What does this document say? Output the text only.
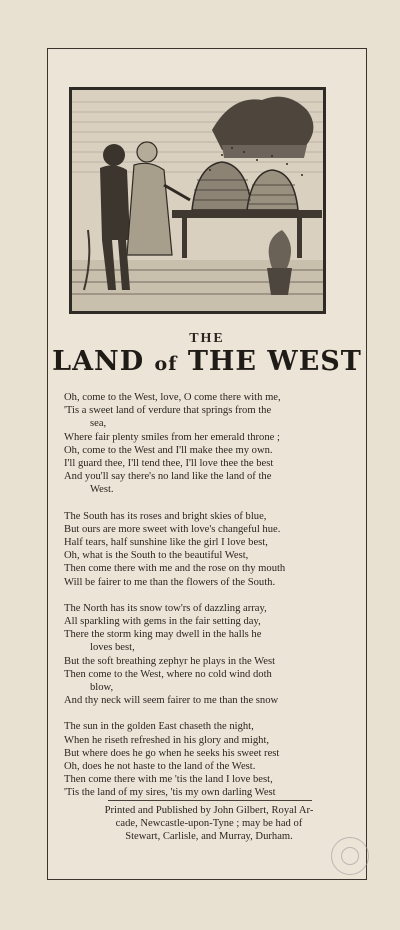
THE
LAND of THE WEST
Oh, come to the West, love, O come there with me,
'Tis a sweet land of verdure that springs from the
sea,
Where fair plenty smiles from her emerald throne ;
Oh, come to the West and I'll make thee my own.
I'll guard thee, I'll tend thee, I'll love thee the best
And you'll say there's no land like the land of the
West.
The South has its roses and bright skies of blue,
But ours are more sweet with love's changeful hue.
Half tears, half sunshine like the girl I love best,
Oh, what is the South to the beautiful West,
Then come there with me and the rose on thy mouth
Will be fairer to me than the flowers of the South.
The North has its snow tow'rs of dazzling array,
All sparkling with gems in the fair setting day,
There the storm king may dwell in the halls he
loves best,
But the soft breathing zephyr he plays in the West
Then come to the West, where no cold wind doth
blow,
And thy neck will seem fairer to me than the snow
The sun in the golden East chaseth the night,
When he riseth refreshed in his glory and might,
But where does he go when he seeks his sweet rest
Oh, does he not haste to the land of the West.
Then come there with me 'tis the land I love best,
'Tis the land of my sires, 'tis my own darling West
Printed and Published by John Gilbert, Royal Ar-
cade, Newcastle-upon-Tyne ; may be had of
Stewart, Carlisle, and Murray, Durham.
